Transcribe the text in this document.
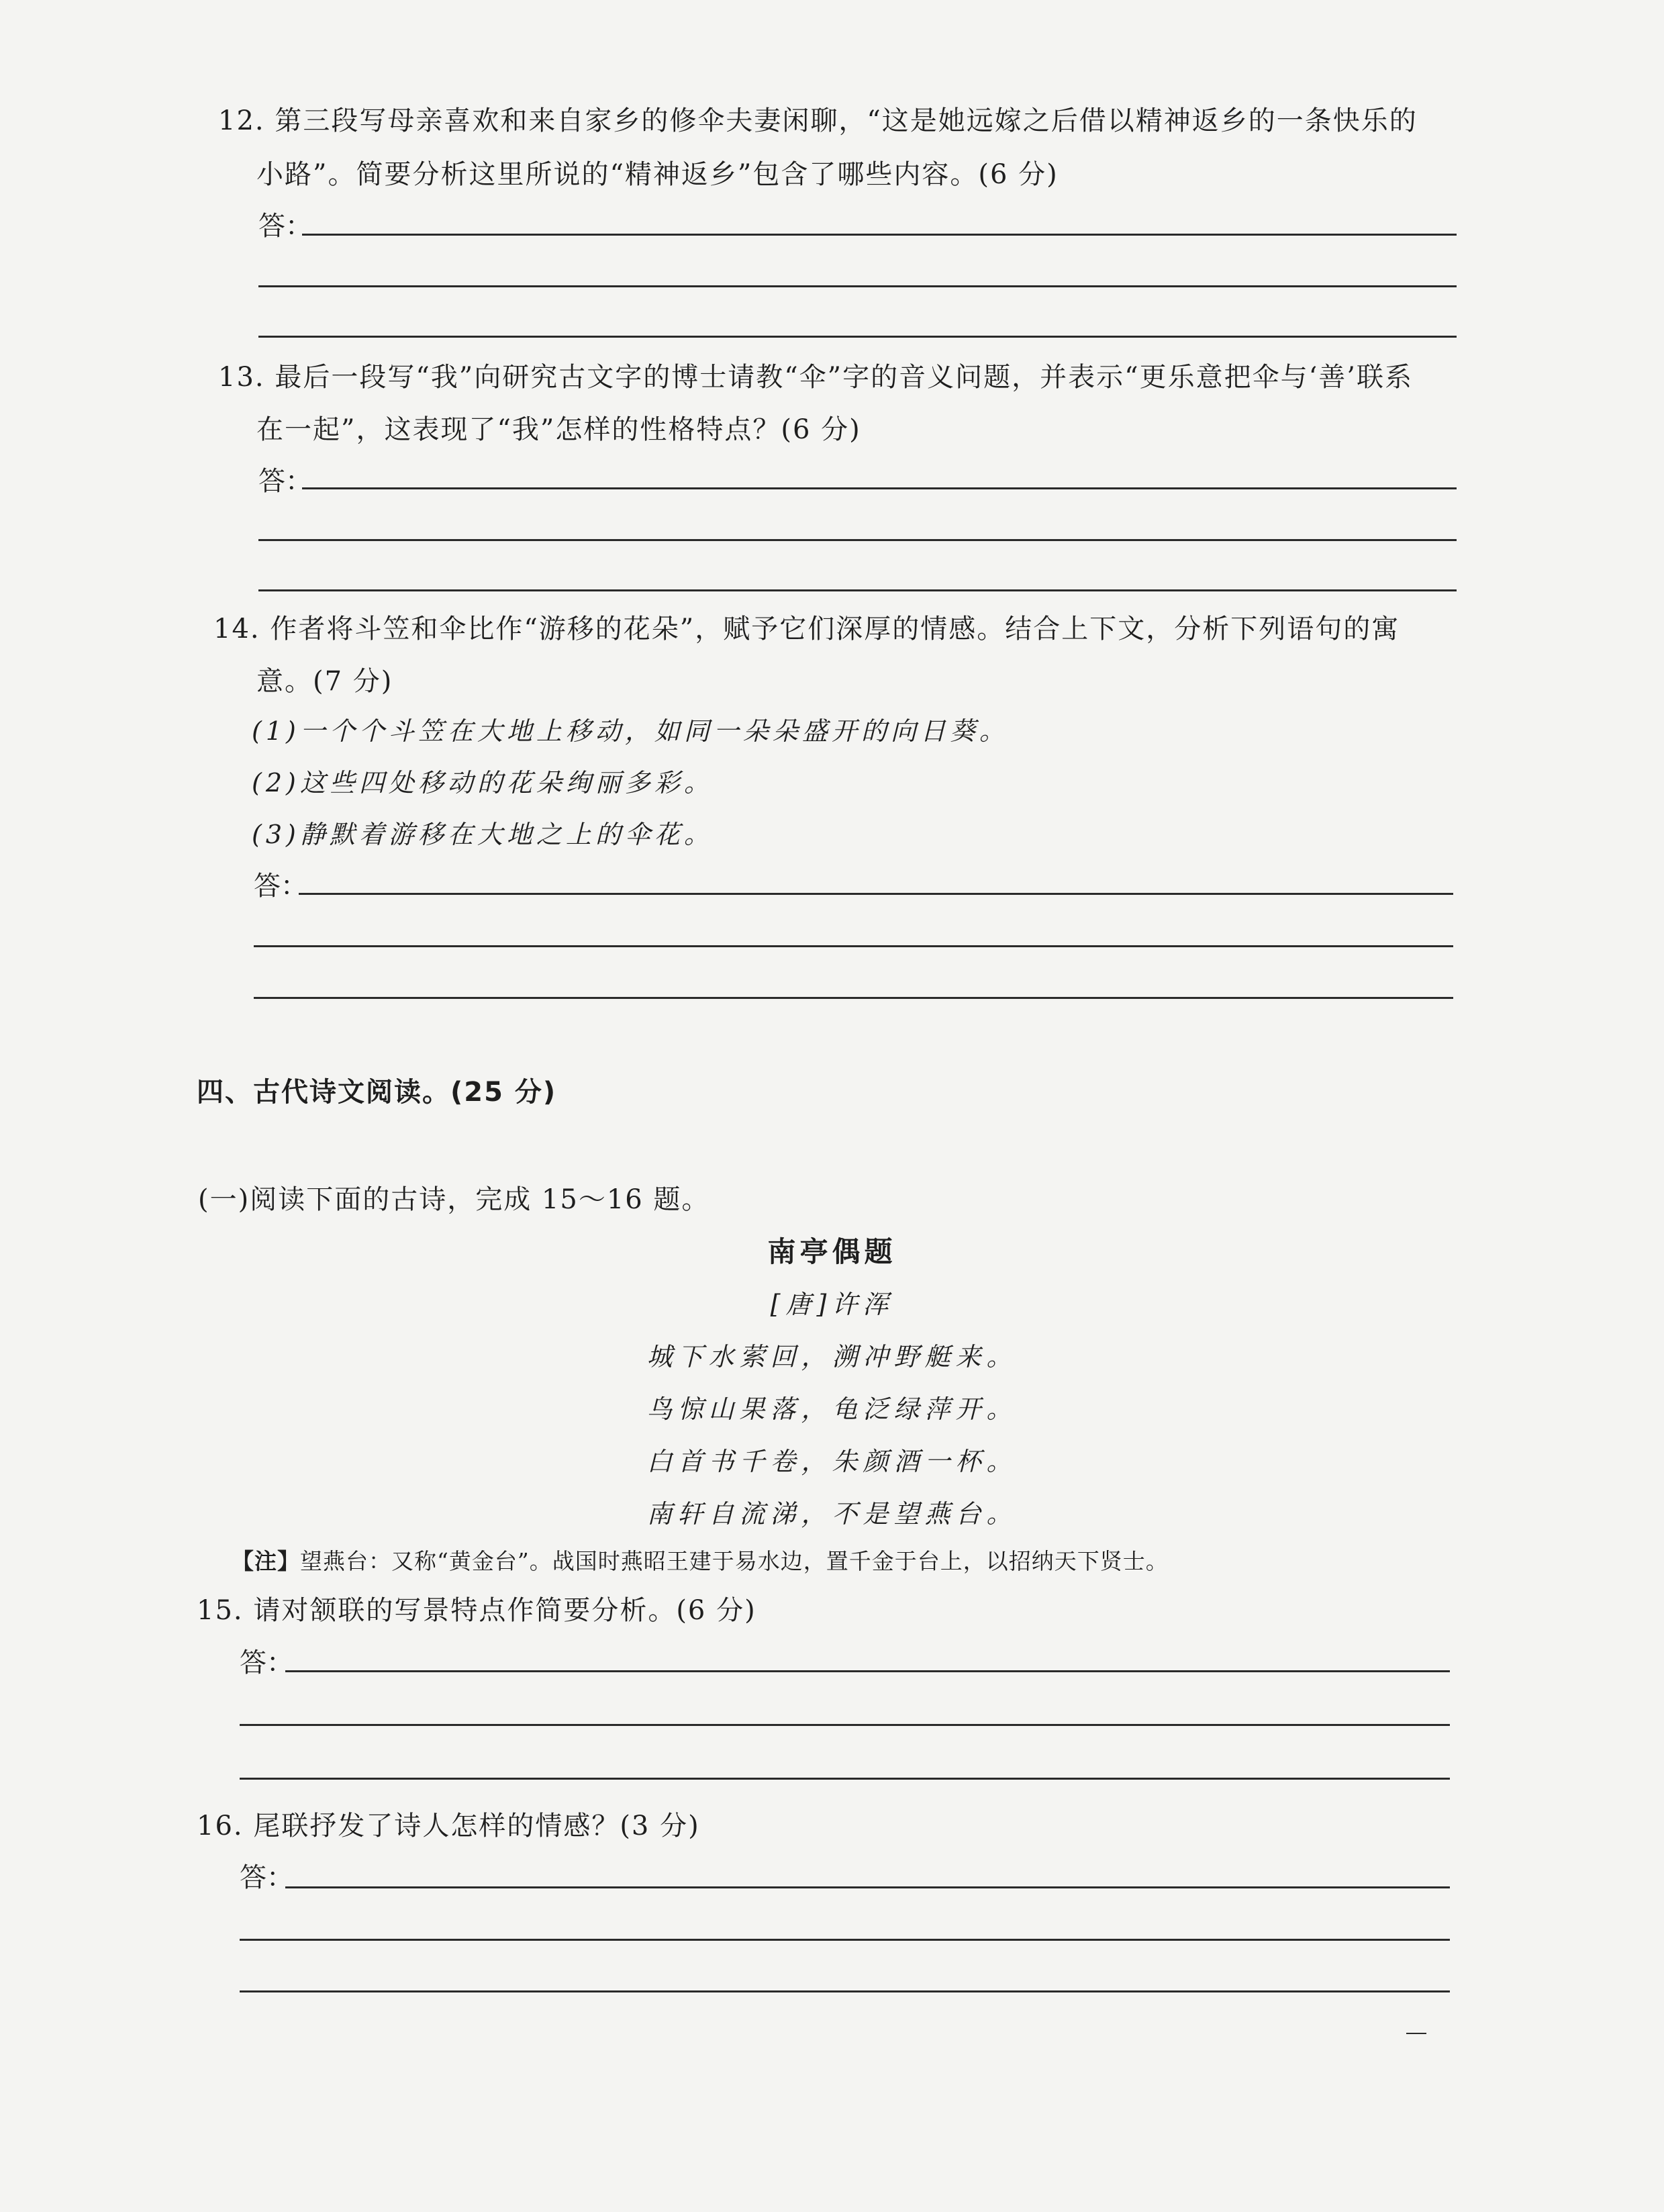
12. 第三段写母亲喜欢和来自家乡的修伞夫妻闲聊，“这是她远嫁之后借以精神返乡的一条快乐的
小路”。简要分析这里所说的“精神返乡”包含了哪些内容。(6 分)
答：
13. 最后一段写“我”向研究古文字的博士请教“伞”字的音义问题，并表示“更乐意把伞与‘善’联系
在一起”，这表现了“我”怎样的性格特点？(6 分)
答：
14. 作者将斗笠和伞比作“游移的花朵”，赋予它们深厚的情感。结合上下文，分析下列语句的寓
意。(7 分)
(1)一个个斗笠在大地上移动，如同一朵朵盛开的向日葵。
(2)这些四处移动的花朵绚丽多彩。
(3)静默着游移在大地之上的伞花。
答：
四、古代诗文阅读。(25 分)
(一)阅读下面的古诗，完成 15～16 题。
南亭偶题
[唐]许浑
城下水萦回，溯冲野艇来。
鸟惊山果落，龟泛绿萍开。
白首书千卷，朱颜酒一杯。
南轩自流涕，不是望燕台。
【注】望燕台：又称“黄金台”。战国时燕昭王建于易水边，置千金于台上，以招纳天下贤士。
15. 请对颔联的写景特点作简要分析。(6 分)
答：
16. 尾联抒发了诗人怎样的情感？(3 分)
答：
